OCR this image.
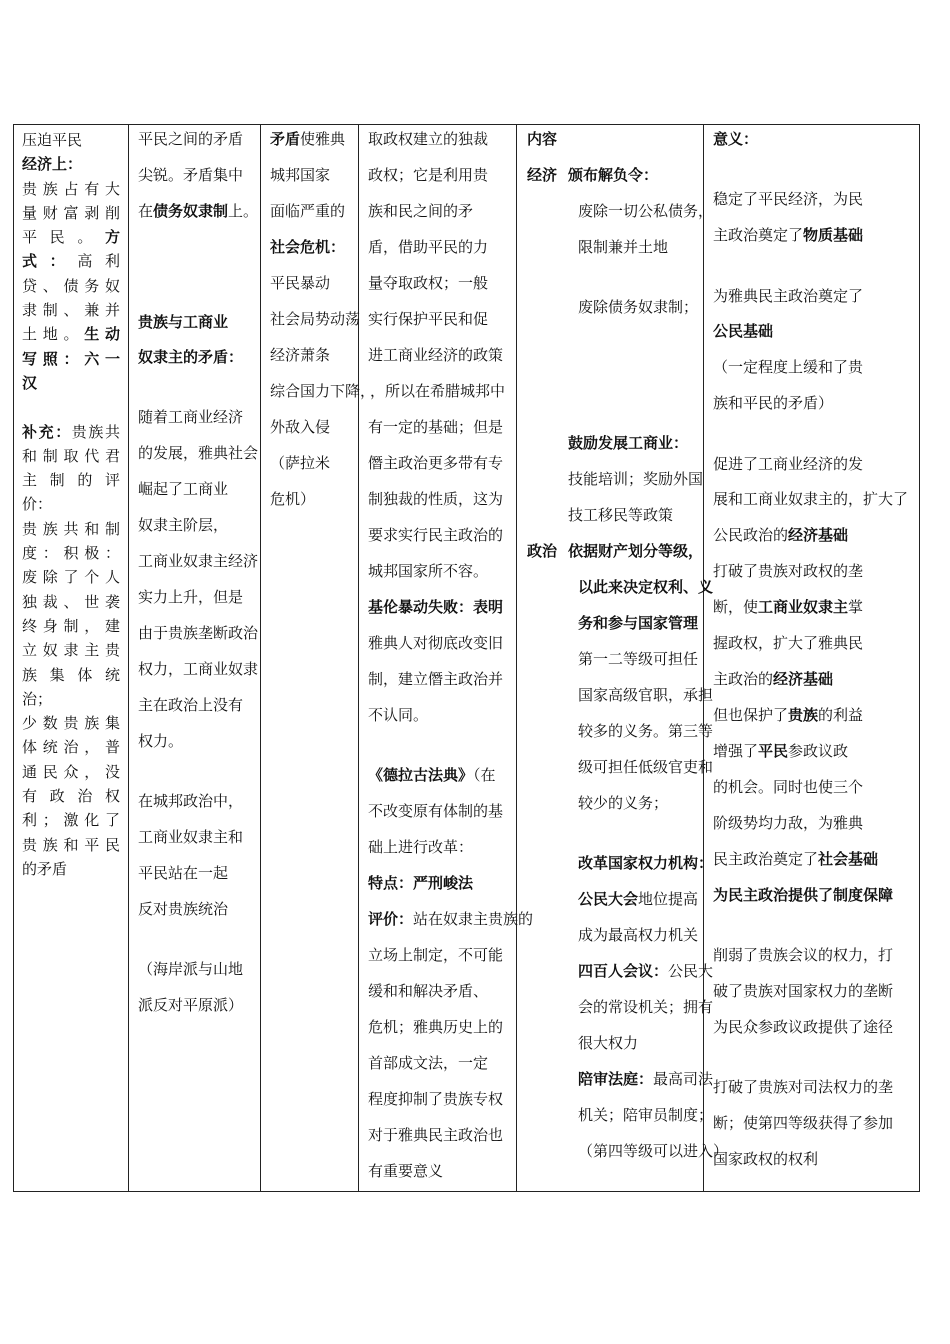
压迫平民
经济上：
贵族占有大
量财富剥削
平民。方
式：高利
贷、债务奴
隶制、兼并
土地。生动
写照：六一
汉

补充：贵族共
和制取代君
主制的评
价：
贵族共和制
度：积极：
废除了个人
独裁、世袭
终身制，建
立奴隶主贵
族集体统
治；
少数贵族集
体统治，普
通民众，没
有政治权
利；激化了
贵族和平民
的矛盾
平民之间的矛盾
尖锐。矛盾集中
在债务奴隶制上。
贵族与工商业
奴隶主的矛盾：
随着工商业经济
的发展，雅典社会
崛起了工商业
奴隶主阶层，
工商业奴隶主经济
实力上升，但是
由于贵族垄断政治
权力，工商业奴隶
主在政治上没有
权力。
在城邦政治中，
工商业奴隶主和
平民站在一起
反对贵族统治
（海岸派与山地
派反对平原派）
矛盾使雅典
城邦国家
面临严重的
社会危机：
平民暴动
社会局势动荡
经济萧条
综合国力下降，
外敌入侵
（萨拉米
危机）
取政权建立的独裁
政权；它是利用贵
族和民之间的矛
盾，借助平民的力
量夺取政权；一般
实行保护平民和促
进工商业经济的政策
，所以在希腊城邦中
有一定的基础；但是
僭主政治更多带有专
制独裁的性质，这为
要求实行民主政治的
城邦国家所不容。
基伦暴动失败：表明
雅典人对彻底改变旧
制，建立僭主政治并
不认同。
《德拉古法典》（在
不改变原有体制的基
础上进行改革：
特点：严刑峻法
评价：站在奴隶主贵族的
立场上制定，不可能
缓和和解决矛盾、
危机；雅典历史上的
首部成文法，一定
程度抑制了贵族专权
对于雅典民主政治也
有重要意义
内容
经济 颁布解负令：
废除一切公私债务，
限制兼并土地
废除债务奴隶制；
鼓励发展工商业：
技能培训；奖励外国
技工移民等政策
政治 依据财产划分等级，
以此来决定权利、义
务和参与国家管理
第一二等级可担任
国家高级官职，承担
较多的义务。第三等
级可担任低级官吏和
较少的义务；
改革国家权力机构：
公民大会地位提高
成为最高权力机关
四百人会议：公民大
会的常设机关；拥有
很大权力
陪审法庭：最高司法
机关；陪审员制度；
（第四等级可以进入）
意义：
稳定了平民经济，为民
主政治奠定了物质基础
为雅典民主政治奠定了
公民基础
（一定程度上缓和了贵
族和平民的矛盾）
促进了工商业经济的发
展和工商业奴隶主的，扩大了
公民政治的经济基础
打破了贵族对政权的垄
断，使工商业奴隶主掌
握政权，扩大了雅典民
主政治的经济基础
但也保护了贵族的利益
增强了平民参政议政
的机会。同时也使三个
阶级势均力敌，为雅典
民主政治奠定了社会基础
为民主政治提供了制度保障
削弱了贵族会议的权力，打
破了贵族对国家权力的垄断
为民众参政议政提供了途径
打破了贵族对司法权力的垄
断；使第四等级获得了参加
国家政权的权利
